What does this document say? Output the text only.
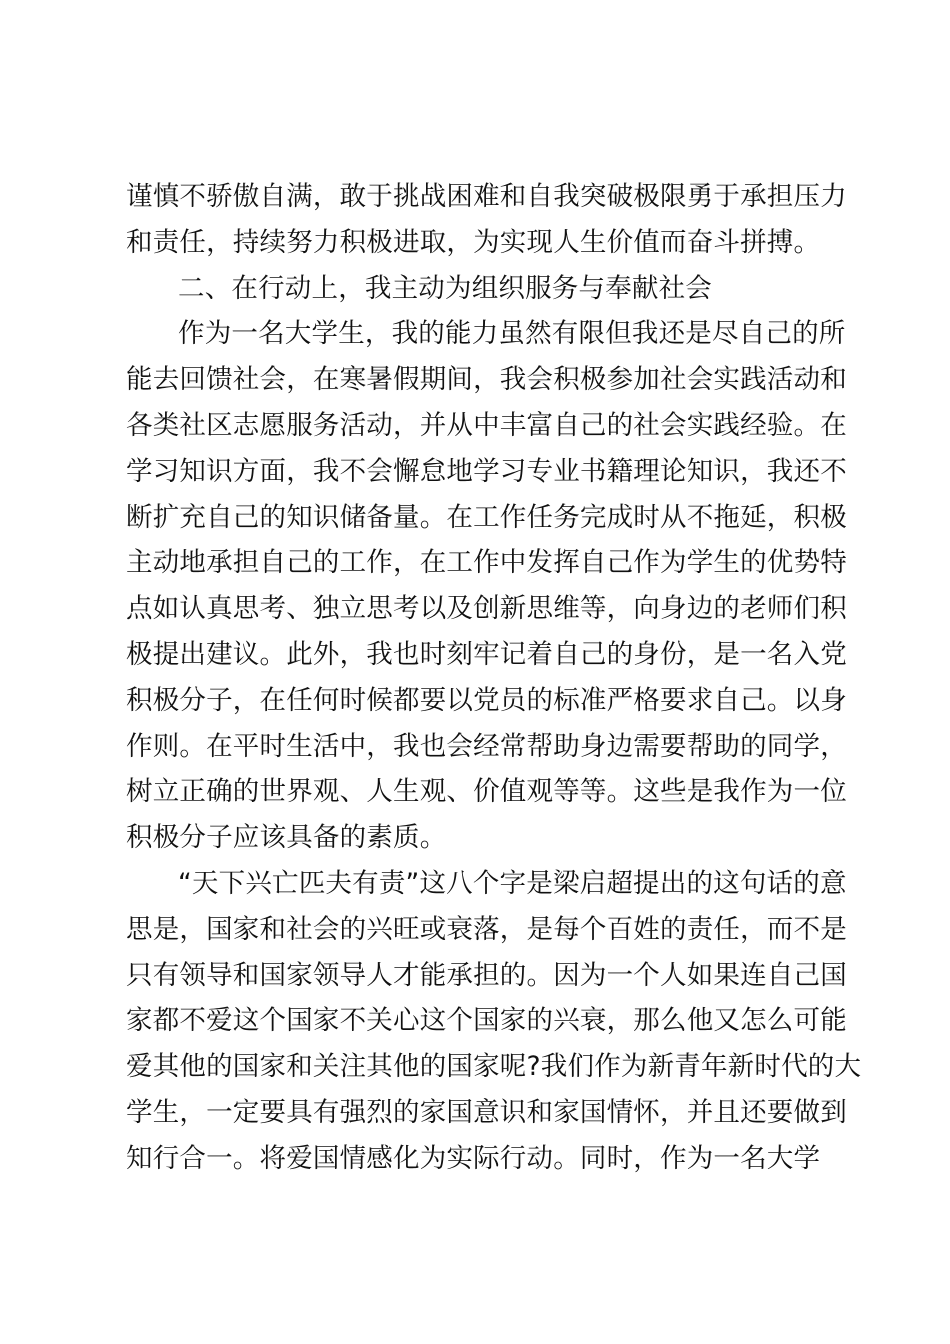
谨慎不骄傲自满，敢于挑战困难和自我突破极限勇于承担压力
和责任，持续努力积极进取，为实现人生价值而奋斗拼搏。
二、在行动上，我主动为组织服务与奉献社会
作为一名大学生，我的能力虽然有限但我还是尽自己的所
能去回馈社会，在寒暑假期间，我会积极参加社会实践活动和
各类社区志愿服务活动，并从中丰富自己的社会实践经验。在
学习知识方面，我不会懈怠地学习专业书籍理论知识，我还不
断扩充自己的知识储备量。在工作任务完成时从不拖延，积极
主动地承担自己的工作，在工作中发挥自己作为学生的优势特
点如认真思考、独立思考以及创新思维等，向身边的老师们积
极提出建议。此外，我也时刻牢记着自己的身份，是一名入党
积极分子，在任何时候都要以党员的标准严格要求自己。以身
作则。在平时生活中，我也会经常帮助身边需要帮助的同学，
树立正确的世界观、人生观、价值观等等。这些是我作为一位
积极分子应该具备的素质。
“天下兴亡匹夫有责”这八个字是梁启超提出的这句话的意
思是，国家和社会的兴旺或衰落，是每个百姓的责任，而不是
只有领导和国家领导人才能承担的。因为一个人如果连自己国
家都不爱这个国家不关心这个国家的兴衰，那么他又怎么可能
爱其他的国家和关注其他的国家呢?我们作为新青年新时代的大
学生，一定要具有强烈的家国意识和家国情怀，并且还要做到
知行合一。将爱国情感化为实际行动。同时，作为一名大学
